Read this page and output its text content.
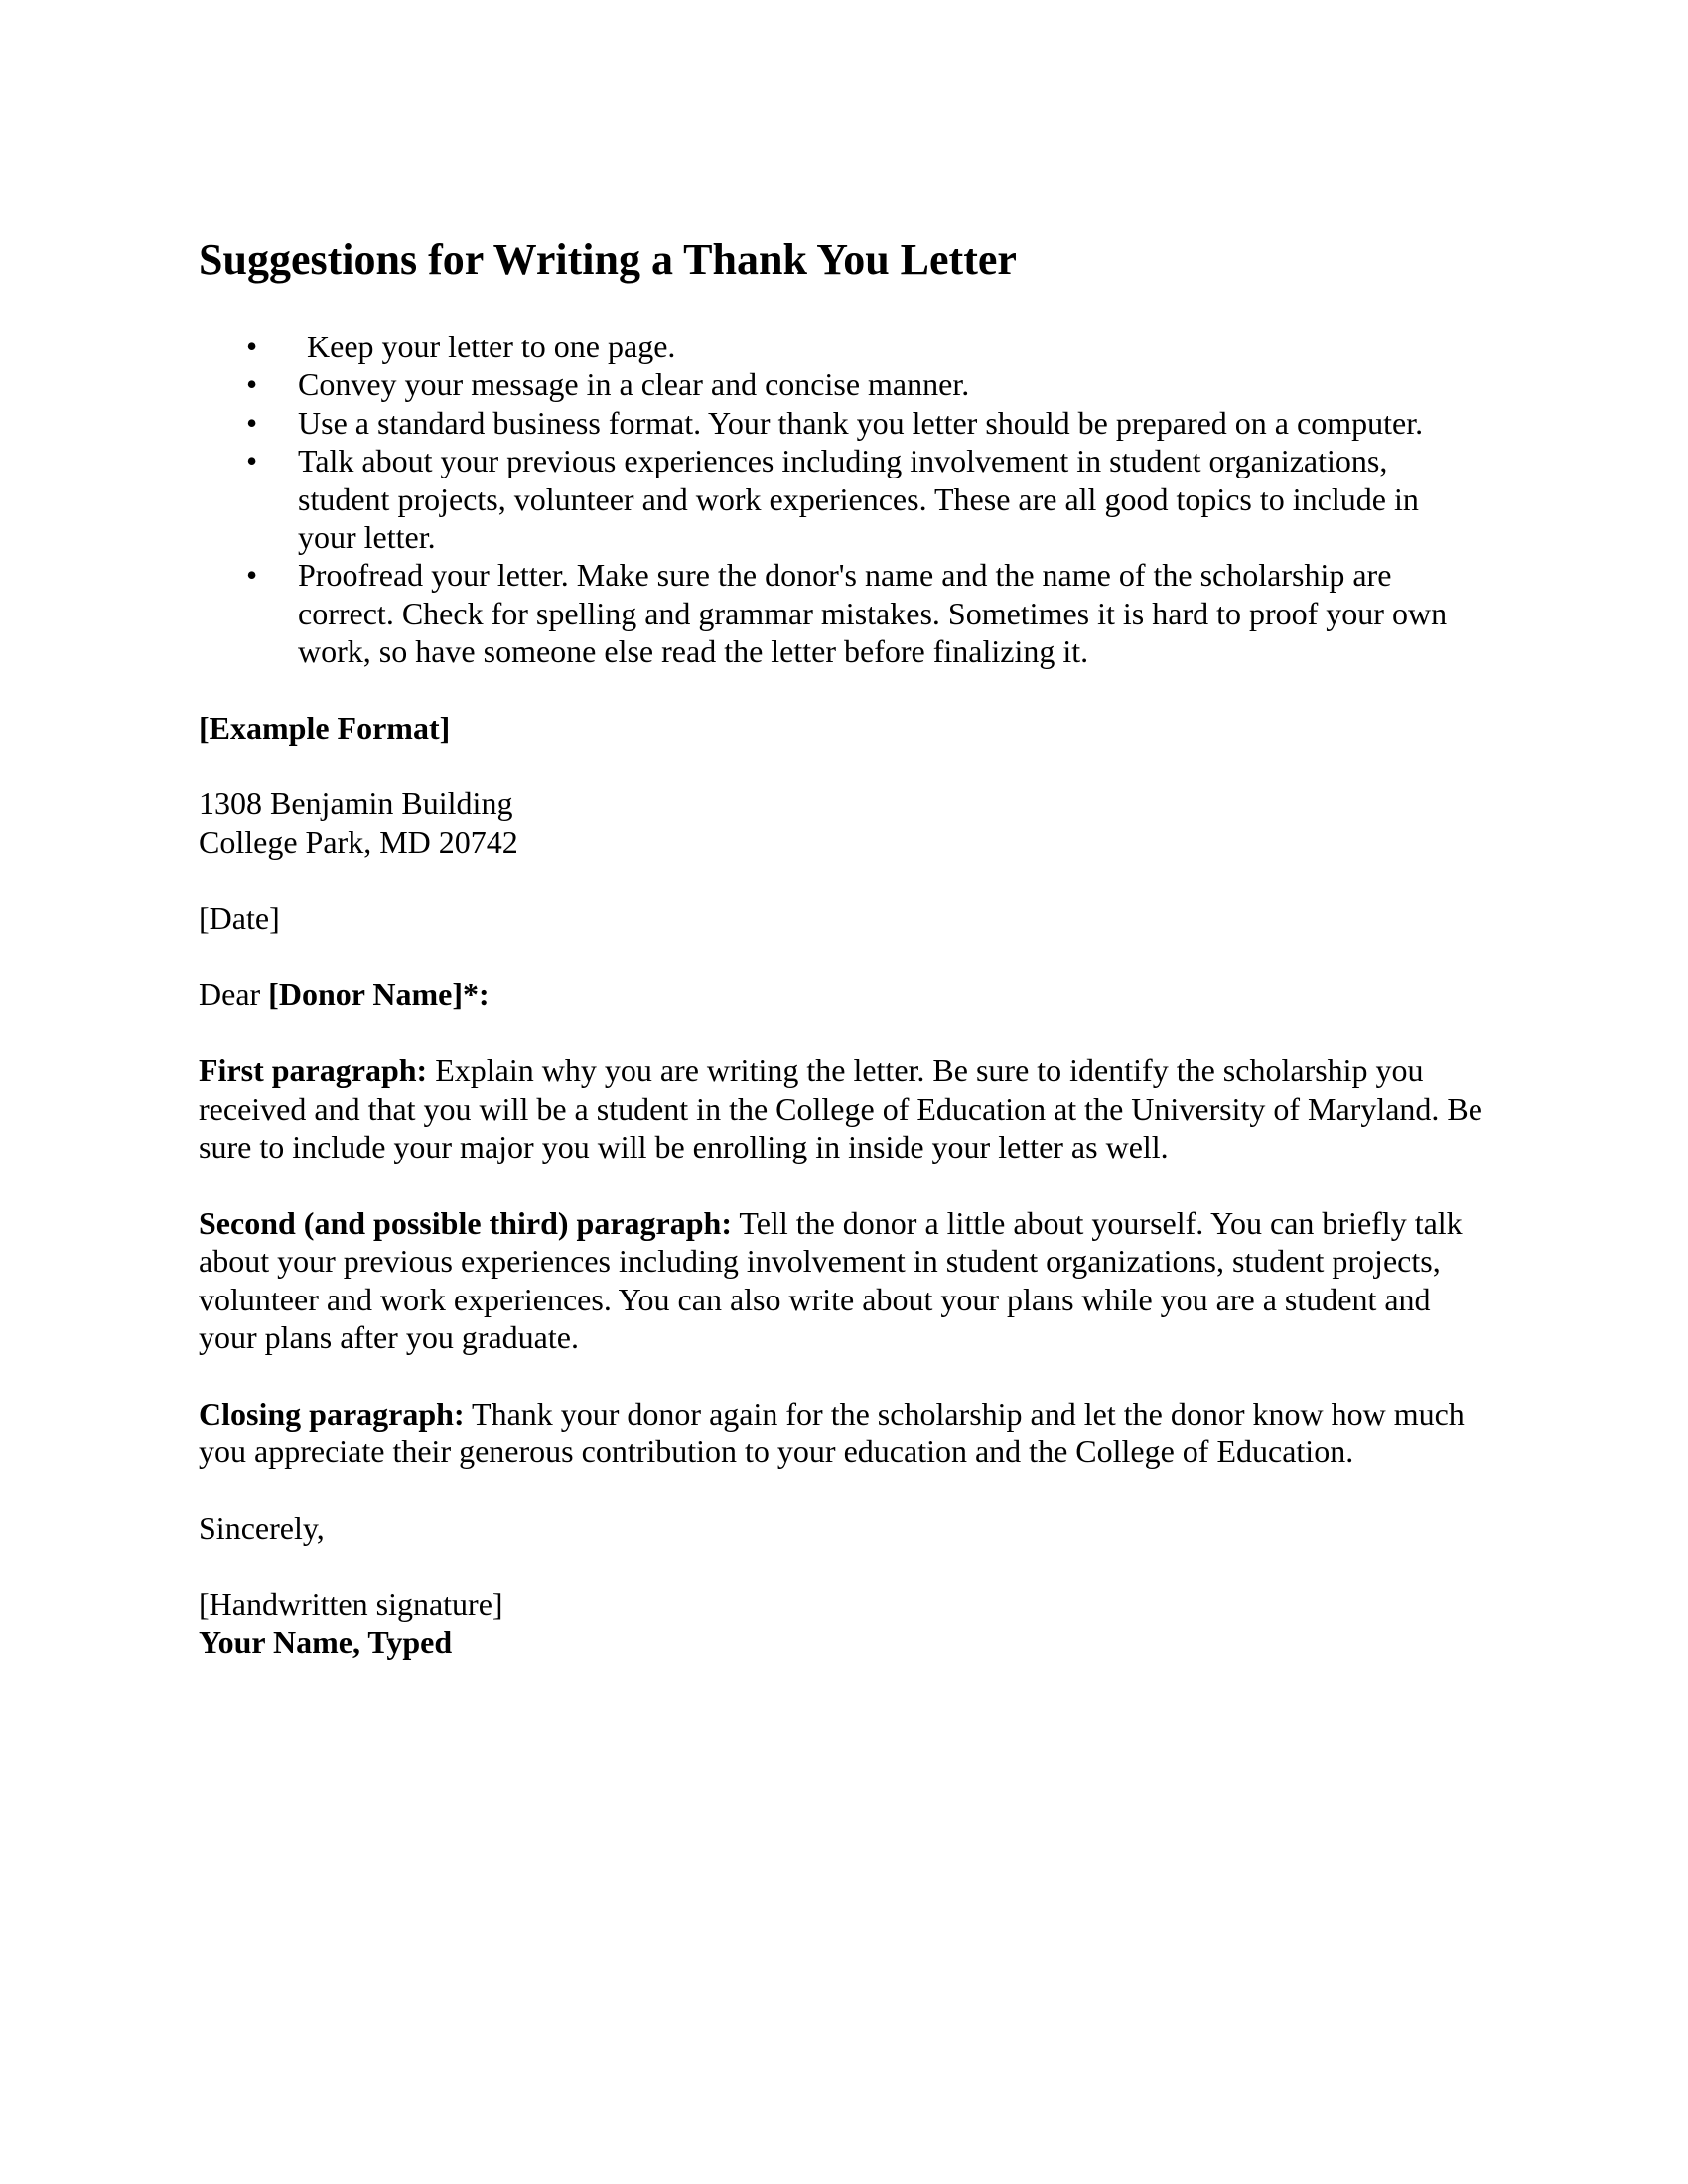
Suggestions for Writing a Thank You Letter
• Keep your letter to one page.
• Convey your message in a clear and concise manner.
• Use a standard business format. Your thank you letter should be prepared on a computer.
• Talk about your previous experiences including involvement in student organizations, student projects, volunteer and work experiences. These are all good topics to include in your letter.
• Proofread your letter. Make sure the donor's name and the name of the scholarship are correct. Check for spelling and grammar mistakes. Sometimes it is hard to proof your own work, so have someone else read the letter before finalizing it.

[Example Format]

1308 Benjamin Building
College Park, MD 20742

[Date]

Dear [Donor Name]*:

First paragraph: Explain why you are writing the letter. Be sure to identify the scholarship you received and that you will be a student in the College of Education at the University of Maryland. Be sure to include your major you will be enrolling in inside your letter as well.

Second (and possible third) paragraph: Tell the donor a little about yourself. You can briefly talk about your previous experiences including involvement in student organizations, student projects, volunteer and work experiences. You can also write about your plans while you are a student and your plans after you graduate.

Closing paragraph: Thank your donor again for the scholarship and let the donor know how much you appreciate their generous contribution to your education and the College of Education.

Sincerely,

[Handwritten signature]
Your Name, Typed
